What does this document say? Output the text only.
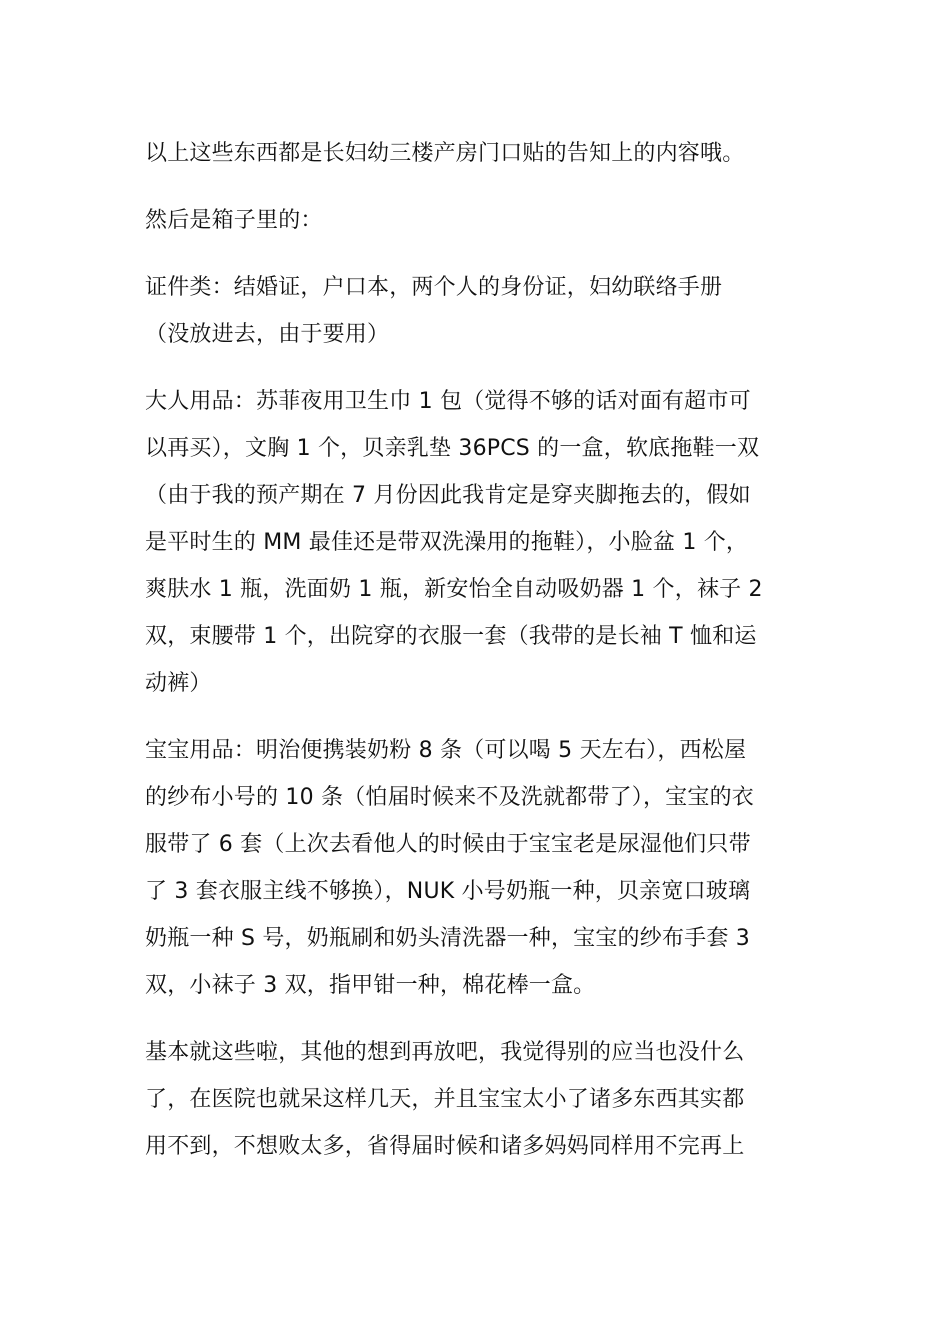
以上这些东西都是长妇幼三楼产房门口贴的告知上的内容哦。

然后是箱子里的：

证件类：结婚证，户口本，两个人的身份证，妇幼联络手册
（没放进去，由于要用）

大人用品：苏菲夜用卫生巾 1 包（觉得不够的话对面有超市可
以再买），文胸 1 个，贝亲乳垫 36PCS 的一盒，软底拖鞋一双
（由于我的预产期在 7 月份因此我肯定是穿夹脚拖去的，假如
是平时生的 MM 最佳还是带双洗澡用的拖鞋），小脸盆 1 个，
爽肤水 1 瓶，洗面奶 1 瓶，新安怡全自动吸奶器 1 个，袜子 2
双，束腰带 1 个，出院穿的衣服一套（我带的是长袖 T 恤和运
动裤）

宝宝用品：明治便携装奶粉 8 条（可以喝 5 天左右），西松屋
的纱布小号的 10 条（怕届时候来不及洗就都带了），宝宝的衣
服带了 6 套（上次去看他人的时候由于宝宝老是尿湿他们只带
了 3 套衣服主线不够换），NUK 小号奶瓶一种，贝亲宽口玻璃
奶瓶一种 S 号，奶瓶刷和奶头清洗器一种，宝宝的纱布手套 3
双，小袜子 3 双，指甲钳一种，棉花棒一盒。

基本就这些啦，其他的想到再放吧，我觉得别的应当也没什么
了，在医院也就呆这样几天，并且宝宝太小了诸多东西其实都
用不到，不想败太多，省得届时候和诸多妈妈同样用不完再上
